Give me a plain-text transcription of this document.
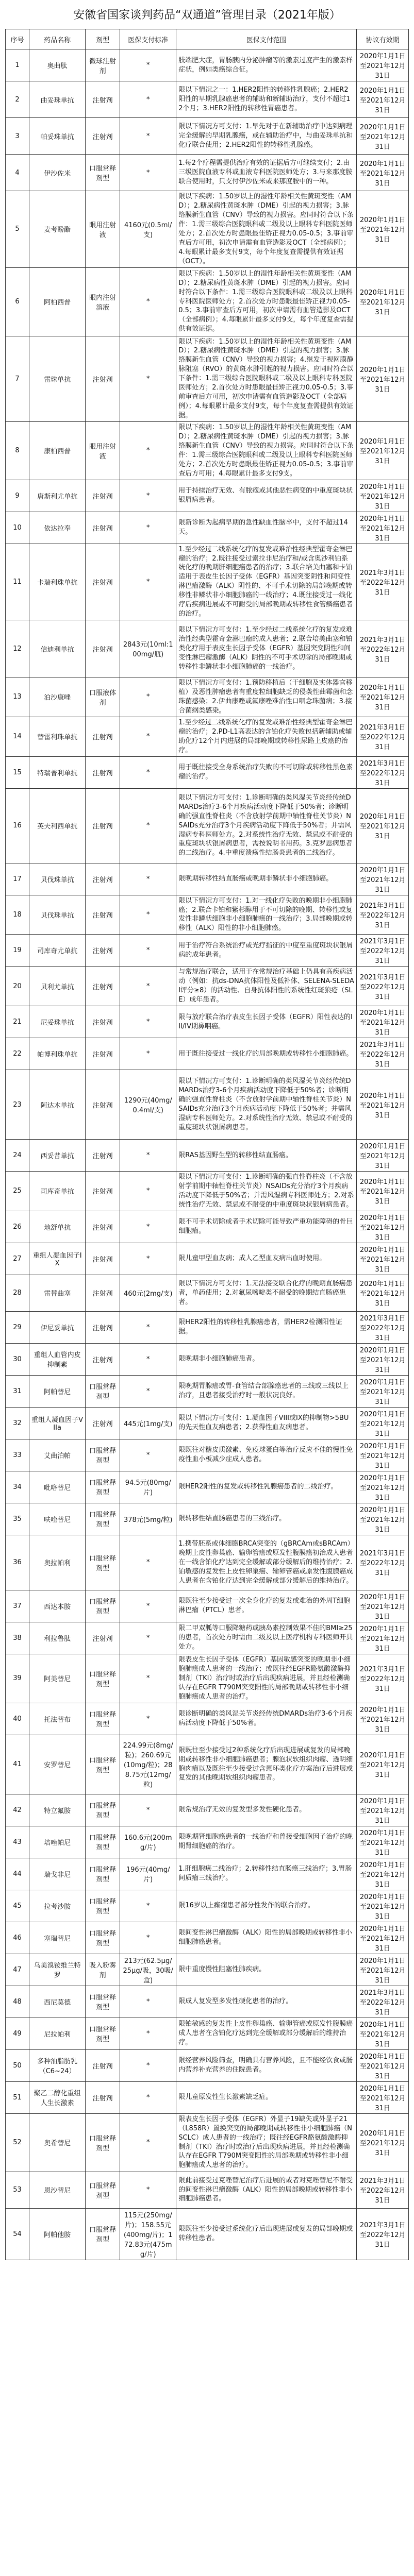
安徽省国家谈判药品“双通道”管理目录（2021年版）
序号	药品名称	剂型	医保支付标准	医保支付范围	协议有效期
1	奥曲肽	微球注射剂	*	肢端肥大症，胃肠胰内分泌肿瘤等的激素过度产生的激素样症状，例如类癌综合征。	2020年1月1日至2021年12月31日
2	曲妥珠单抗	注射剂	*	限以下情况之一：1.HER2阳性的转移性乳腺癌；2.HER2阳性的早期乳腺癌患者的辅助和新辅助治疗，支付不超过12个月；3.HER2阳性的转移性胃癌患者。	2020年1月1日至2021年12月31日
3	帕妥珠单抗	注射剂	*	限以下情况方可支付：1.早先对于在新辅助治疗中达到病理完全缓解的早期乳腺癌，或在辅助治疗中，与曲妥珠单抗和化疗联合使用；2.HER2阳性的转移性乳腺癌。	2020年1月1日至2021年12月31日
4	伊沙佐米	口服常释剂型	*	1.每2个疗程需提供治疗有效的证据后方可继续支付；2.由三级医院血液专科或血液专科医院医师处方；3.与来那度胺联合使用时，只支付伊沙佐米或来那度胺中的一种。	2020年1月1日至2021年12月31日
5	麦考酚酯	眼用注射液	4160元(0.5ml/支)	限以下疾病：1.50岁以上的湿性年龄相关性黄斑变性（AMD）；2.糖尿病性黄斑水肿（DME）引起的视力损害；3.脉络膜新生血管（CNV）导致的视力损害。应同时符合以下条件：1.需三级综合医院眼科或二级及以上眼科专科医院医师处方；2.首次处方时患眼最佳矫正视力0.05-0.5；3.事前审查后方可用，初次申请需有血管造影及OCT（全部病例）；4.每眼累计最多支付9支，每个年度复查需提供有效证据（OCT）。	2020年1月1日至2021年12月31日
6	阿柏西普	眼内注射溶液	*	限以下疾病：1.50岁以上的湿性年龄相关性黄斑变性（AMD）；2.糖尿病性黄斑水肿（DME）引起的视力损害。应同时符合以下条件：1.需三级综合医院眼科或二级及以上眼科专科医院医师处方；2.首次处方时患眼最佳矫正视力0.05-0.5；3.事前审查后方可用，初次申请需有血管造影及OCT（全部病例）；4.每眼累计最多支付9支，每个年度复查需提供有效证据。	2020年1月1日至2021年12月31日
7	雷珠单抗	注射剂	*	限以下疾病：1.50岁以上的湿性年龄相关性黄斑变性（AMD）；2.糖尿病性黄斑水肿（DME）引起的视力损害；3.脉络膜新生血管（CNV）导致的视力损害；4.继发于视网膜静脉阻塞（RVO）的黄斑水肿引起的视力损害。应同时符合以下条件：1.需三级综合医院眼科或二级及以上眼科专科医院医师处方；2.首次处方时患眼最佳矫正视力0.05-0.5；3.事前审查后方可用，初次申请需有血管造影及OCT（全部病例）；4.每眼累计最多支付9支，每个年度复查需提供有效证据。	2020年1月1日至2021年12月31日
8	康柏西普	眼用注射液	*	限以下疾病：1.50岁以上的湿性年龄相关性黄斑变性（AMD）；2.糖尿病性黄斑水肿（DME）引起的视力损害；3.脉络膜新生血管（CNV）导致的视力损害。应同时符合以下条件：1.需三级综合医院眼科或二级及以上眼科专科医院医师处方；2.首次处方时患眼最佳矫正视力0.05-0.5；3.事前审查后方可用；4.每眼累计最多支付9支。	2020年1月1日至2021年12月31日
9	唐斯利尤单抗	注射剂	*	用于持续治疗无效、有脓疱或其他恶性病变的中重度斑块状银屑病患者。	2020年1月1日至2021年12月31日
10	依达拉奉	注射剂	*	限新诊断为起病早期的急性缺血性脑卒中，支付不超过14天。	2020年1月1日至2021年12月31日
11	卡瑞利珠单抗	注射剂	*	1.至少经过二线系统化疗的复发或难治性经典型霍奇金淋巴瘤的治疗；2.既往接受过索拉非尼治疗和/或含奥沙利铂系统化疗的晚期肝细胞癌患者的治疗；3.联合培美曲塞和卡铂适用于表皮生长因子受体（EGFR）基因突变阴性和间变性淋巴瘤激酶（ALK）阴性的、不可手术切除的局部晚期或转移性非鳞状非小细胞肺癌的一线治疗；4.既往接受过一线化疗后疾病进展或不可耐受的局部晚期或转移性食管鳞癌患者的治疗。	2021年3月1日至2022年12月31日
12	信迪利单抗	注射剂	2843元(10ml:100mg/瓶)	限以下情况方可支付：1.至少经过二线系统化疗的复发或难治性经典型霍奇金淋巴瘤的成人患者；2.联合培美曲塞和铂类化疗用于表皮生长因子受体（EGFR）基因突变阴性和间变性淋巴瘤激酶（ALK）阴性的不可手术切除的局部晚期或转移性非鳞状非小细胞肺癌的一线治疗。	2021年3月1日至2022年12月31日
13	泊沙康唑	口服液体剂	*	限以下情况方可支付：1.预防移植后（干细胞及实体器官移植）及恶性肿瘤患者有重度粒细胞缺乏的侵袭性曲霉菌和念珠菌感染；2.伊曲康唑或氟康唑难治性口咽念珠菌病；3.接合菌纲类感染。	2020年1月1日至2021年12月31日
14	替雷利珠单抗	注射剂	*	1.至少经过二线系统化疗的复发或难治性经典型霍奇金淋巴瘤的治疗；2.PD-L1高表达的含铂化疗失败包括新辅助或辅助化疗12个月内进展的局部晚期或转移性尿路上皮癌的治疗。	2021年3月1日至2022年12月31日
15	特瑞普利单抗	注射剂	*	用于既往接受全身系统治疗失败的不可切除或转移性黑色素瘤的治疗。	2021年3月1日至2022年12月31日
16	英夫利西单抗	注射剂	*	限以下情况方可支付：1.诊断明确的类风湿关节炎经传统DMARDs治疗3-6个月疾病活动度下降低于50%者；诊断明确的强直性脊柱炎（不含放射学前期中轴性脊柱关节炎）NSAIDs充分治疗3个月疾病活动度下降低于50%者；并需风湿病专科医师处方。2.对系统性治疗无效、禁忌或不耐受的重度斑块状银屑病患者，需按说明书用药。3.克罗恩病患者的二线治疗。4.中重度溃疡性结肠炎患者的二线治疗。	2020年1月1日至2021年12月31日
17	贝伐珠单抗	注射剂	*	限晚期转移性结直肠癌或晚期非鳞状非小细胞肺癌。	2020年1月1日至2021年12月31日
18	贝伐珠单抗	注射剂	*	限以下情况方可支付：1.对一线化疗失败的晚期非小细胞肺癌；2.联合卡铂和紫杉醇用于不可切除的晚期、转移性或复发性非鳞状细胞非小细胞肺癌的一线治疗；3.局部晚期或转移性（ALK）阳性的非小细胞肺癌。	2021年3月1日至2022年12月31日
19	司库奇尤单抗	注射剂	*	用于治疗符合系统治疗或光疗指征的中度至重度斑块状银屑病的成年患者。	2021年3月1日至2022年12月31日
20	贝利尤单抗	注射剂	*	与常规治疗联合，适用于在常规治疗基础上仍具有高疾病活动（例如：抗ds-DNA抗体阳性及低补体、SELENA-SLEDAI评分≥8）的活动性、自身抗体阳性的系统性红斑狼疮（SLE）成年患者。	2021年3月1日至2022年12月31日
21	尼妥珠单抗	注射剂	*	限与放疗联合治疗表皮生长因子受体（EGFR）阳性表达的III/IV期鼻咽癌。	2020年1月1日至2021年12月31日
22	帕博利珠单抗	注射剂	*	用于既往接受过一线化疗的局部晚期或转移性小细胞肺癌。	2021年3月1日至2022年12月31日
23	阿达木单抗	注射剂	1290元(40mg/0.4ml/支)	限以下情况方可支付：1.诊断明确的类风湿关节炎经传统DMARDs治疗3-6个月疾病活动度下降低于50%者；诊断明确的强直性脊柱炎（不含放射学前期中轴性脊柱关节炎）NSAIDs充分治疗3个月疾病活动度下降低于50%者；并需风湿病专科医师处方。2.对系统性治疗无效、禁忌或不耐受的重度斑块状银屑病患者。	2020年1月1日至2021年12月31日
24	西妥昔单抗	注射剂	*	限RAS基因野生型的转移性结直肠癌。	2020年1月1日至2021年12月31日
25	司库奇单抗	注射剂	*	限以下情况方可支付：1.诊断明确的强直性脊柱炎（不含放射学前期中轴性脊柱关节炎）NSAIDs充分治疗3个月疾病活动度下降低于50%者；并需风湿病专科医师处方；2.对系统性治疗无效、禁忌或不耐受的中重度斑块状银屑病患者。	2020年1月1日至2021年12月31日
26	地舒单抗	注射剂	*	限不可手术切除或者手术切除可能导致严重功能障碍的骨巨细胞瘤。	2020年1月1日至2021年12月31日
27	重组人凝血因子IX	注射剂	*	限儿童甲型血友病；成人乙型血友病出血时使用。	2020年1月1日至2021年12月31日
28	雷替曲塞	注射剂	460元(2mg/支)	限以下情况方可支付：1.无法接受联合化疗的晚期直肠癌患者，单药使用；2.对氟尿嘧啶类不耐受的晚期结直肠癌患者。	2020年1月1日至2021年12月31日
29	伊尼妥单抗	注射剂	*	限HER2阳性的转移性乳腺癌患者，需HER2检测阳性证据。	2021年3月1日至2022年12月31日
30	重组人血管内皮抑制素	注射剂	*	限晚期非小细胞肺癌患者。	2020年1月1日至2021年12月31日
31	阿帕替尼	口服常释剂型	*	限晚期胃腺癌或胃-食管结合部腺癌患者的三线或三线以上治疗，且患者接受治疗时一般状况良好。	2020年1月1日至2021年12月31日
32	重组人凝血因子VIIa	注射剂	445元(1mg/支)	限以下情况方可支付：1.凝血因子VIII或IX的抑制物>5BU的先天性血友病患者；2.获得性血友病患者。	2020年1月1日至2021年12月31日
33	艾曲泊帕	口服常释剂型	*	限既往对糖皮质激素、免疫球蛋白等治疗反应不佳的慢性免疫性血小板减少症成人患者。	2020年1月1日至2021年12月31日
34	吡咯替尼	口服常释剂型	94.5元(80mg/片)	限HER2阳性的复发或转移性乳腺癌患者的二线治疗。	2020年1月1日至2021年12月31日
35	呋喹替尼	口服常释剂型	378元(5mg/粒)	限转移性结直肠癌患者的三线治疗。	2020年1月1日至2021年12月31日
36	奥拉帕利	口服常释剂型	*	1.携带胚系或体细胞BRCA突变的（gBRCAm或sBRCAm）晚期上皮性卵巢癌、输卵管癌或原发性腹膜癌初治成人患者在一线含铂化疗达到完全缓解或部分缓解后的维持治疗；2.铂敏感的复发性上皮性卵巢癌、输卵管癌或原发性腹膜癌成人患者在含铂化疗达到完全缓解或部分缓解后的维持治疗。	2021年3月1日至2022年12月31日
37	西达本胺	口服常释剂型	*	限既往至少接受过一次全身化疗的复发或难治的外周T细胞淋巴瘤（PTCL）患者。	2020年1月1日至2021年12月31日
38	利拉鲁肽	注射剂	*	限二甲双胍等口服降糖药或胰岛素控制效果不佳的BMI≥25的患者，首次处方时需由二级及以上医疗机构专科医师开具处方。	2020年1月1日至2021年12月31日
39	阿美替尼	口服常释剂型	*	限表皮生长因子受体（EGFR）基因敏感突变的晚期非小细胞肺癌成人患者的一线治疗；或既往经EGFR酪氨酸激酶抑制剂（TKI）治疗时或治疗后出现疾病进展，并且经检测确认存在EGFR T790M突变阳性的局部晚期或转移性非小细胞肺癌成人患者的治疗。	2021年3月1日至2022年12月31日
40	托法替布	口服常释剂型	*	限诊断明确的类风湿关节炎经传统DMARDs治疗3-6个月疾病活动度下降低于50%者。	2020年1月1日至2021年12月31日
41	安罗替尼	口服常释剂型	224.99元(8mg/粒)；260.69元(10mg/粒)；288.75元(12mg/粒)	限既往至少接受过2种系统化疗后出现进展或复发的局部晚期或转移性非小细胞肺癌患者；腺泡状软组织肉瘤、透明细胞肉瘤以及既往至少接受过含蒽环类化疗方案治疗后进展或复发的其他晚期软组织肉瘤患者。	2020年1月1日至2021年12月31日
42	特立氟胺	口服常释剂型	*	限常规治疗无效的复发型多发性硬化患者。	2020年1月1日至2021年12月31日
43	培唑帕尼	口服常释剂型	160.6元(200mg/片)	限晚期肾细胞癌患者的一线治疗和曾接受细胞因子治疗的晚期肾细胞癌的治疗。	2020年1月1日至2021年12月31日
44	瑞戈非尼	口服常释剂型	196元(40mg/片)	1.肝细胞癌二线治疗；2.转移性结直肠癌三线治疗；3.胃肠间质瘤三线治疗。	2020年1月1日至2021年12月31日
45	拉考沙胺	口服常释剂型	*	限16岁以上癫痫患者部分性发作的联合治疗。	2020年1月1日至2021年12月31日
46	塞瑞替尼	口服常释剂型	*	限间变性淋巴瘤激酶（ALK）阳性的局部晚期或转移性非小细胞肺癌患者。	2020年1月1日至2021年12月31日
47	乌美溴铵维兰特罗	吸入粉雾剂	213元(62.5μg/25μg/吸，30吸/盒)	限中重度慢性阻塞性肺疾病。	2020年1月1日至2021年12月31日
48	西尼莫德	口服常释剂型	*	限成人复发型多发性硬化患者的治疗。	2021年3月1日至2022年12月31日
49	尼拉帕利	口服常释剂型	*	限铂敏感的复发性上皮性卵巢癌、输卵管癌或原发性腹膜癌成人患者在含铂化疗达到完全缓解或部分缓解后的维持治疗。	2020年1月1日至2021年12月31日
50	多种油脂肪乳（C6~24）	注射剂	*	限经营养风险筛查，明确具有营养风险，且不能经饮食或肠内营养补充营养的住院患者。	2020年1月1日至2021年12月31日
51	聚乙二醇化重组人生长激素	注射剂	*	限儿童原发性生长激素缺乏症。	2020年1月1日至2021年12月31日
52	奥希替尼	口服常释剂型	*	限表皮生长因子受体（EGFR）外显子19缺失或外显子21（L858R）置换突变的局部晚期或转移性非小细胞肺癌（NSCLC）成人患者的一线治疗；既往经EGFR酪氨酸激酶抑制剂（TKI）治疗时或治疗后出现疾病进展，并且经检测确认存在EGFR T790M突变阳性的局部晚期或转移性非小细胞肺癌成人患者的治疗。	2020年1月1日至2021年12月31日
53	恩沙替尼	口服常释剂型	*	限此前接受过克唑替尼治疗后进展的或者对克唑替尼不耐受的间变性淋巴瘤激酶（ALK）阳性的局部晚期或转移性非小细胞肺癌患者。	2021年3月1日至2022年12月31日
54	阿帕他胺	口服常释剂型	115元(250mg/片)；158.55元(400mg/片)；172.83元(475mg/片)	限既往至少接受过系统化疗后出现进展或复发的局部晚期或转移性患者。	2021年3月1日至2022年12月31日
